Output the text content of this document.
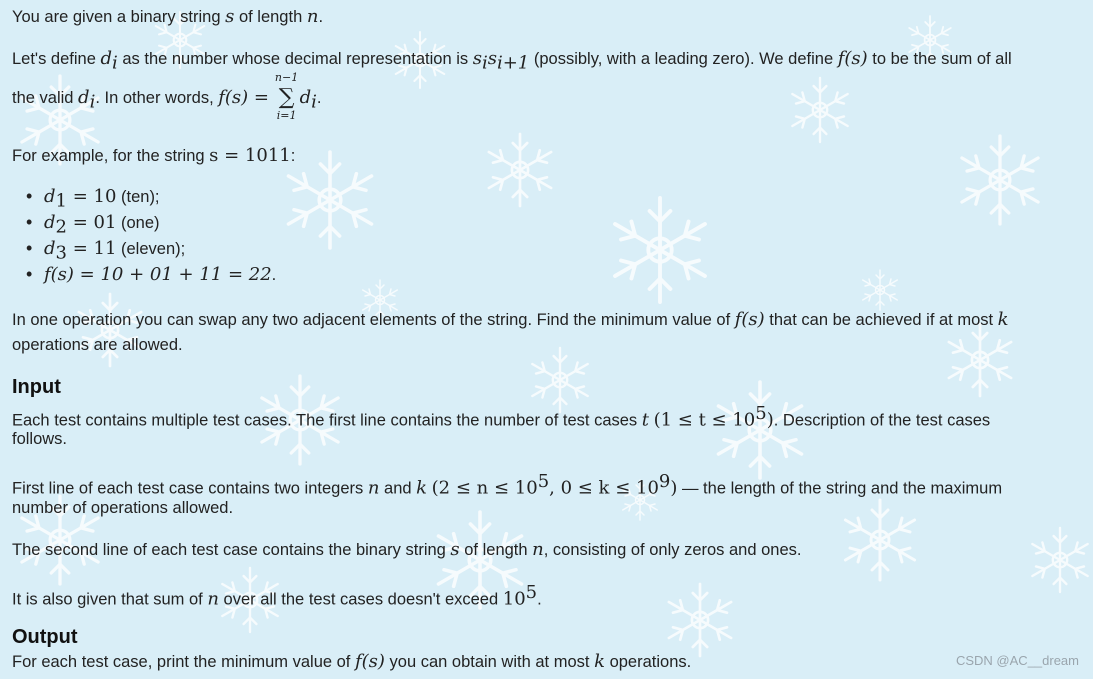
You are given a binary string s of length n.
Let's define $d_i$ as the number whose decimal representation is $s_is_{i+1}$ (possibly, with a leading zero). We define f(s) to be the sum of all
the valid $d_i$. In other words, f(s) =
n−1
∑
i=1
$d_i$.
For example, for the string s = 1011:
• $d_1 = 10$ (ten);
• $d_2 = 01$ (one)
• $d_3 = 11$ (eleven);
• f(s) = 10 + 01 + 11 = 22.
In one operation you can swap any two adjacent elements of the string. Find the minimum value of f(s) that can be achieved if at most k
operations are allowed.
Input
Each test contains multiple test cases. The first line contains the number of test cases t $(1 \le t \le 10^5)$. Description of the test cases
follows.
First line of each test case contains two integers n and k ($2 \le n \le 10^5$, $0 \le k \le 10^9$) — the length of the string and the maximum
number of operations allowed.
The second line of each test case contains the binary string s of length n, consisting of only zeros and ones.
It is also given that sum of n over all the test cases doesn't exceed $10^5$.
Output
For each test case, print the minimum value of f(s) you can obtain with at most k operations.	CSDN @AC__dream
